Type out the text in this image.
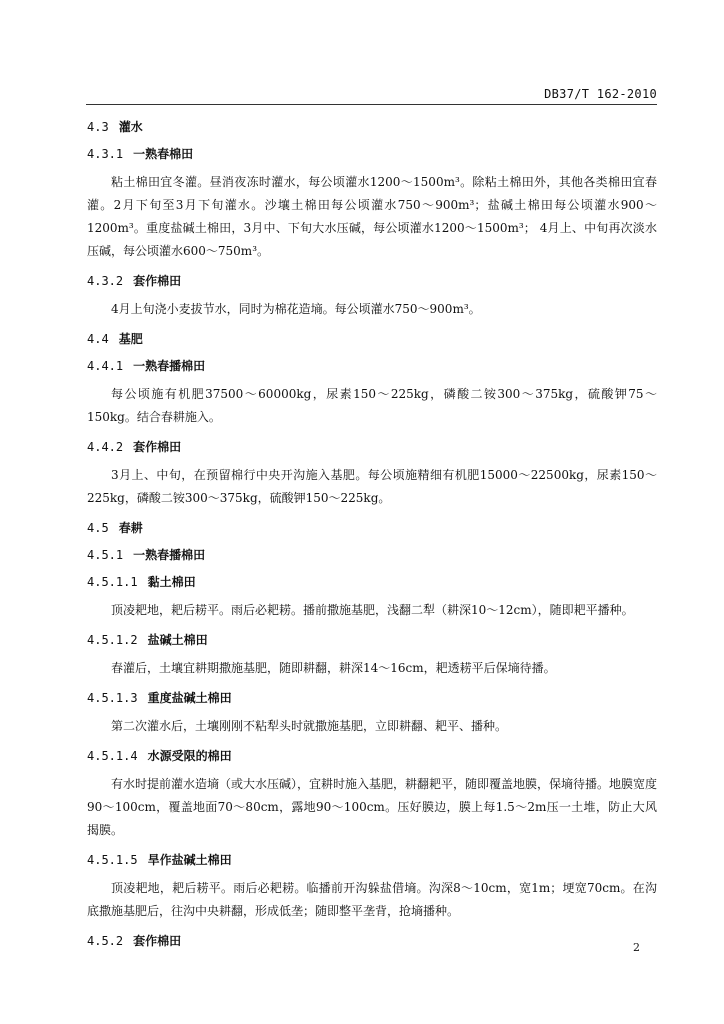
DB37/T 162-2010
4.3 灌水
4.3.1 一熟春棉田

粘土棉田宜冬灌。昼消夜冻时灌水，每公顷灌水1200～1500m³。除粘土棉田外，其他各类棉田宜春灌。2月下旬至3月下旬灌水。沙壤土棉田每公顷灌水750～900m³；盐碱土棉田每公顷灌水900～1200m³。重度盐碱土棉田，3月中、下旬大水压碱，每公顷灌水1200～1500m³； 4月上、中旬再次淡水压碱，每公顷灌水600～750m³。

4.3.2 套作棉田

4月上旬浇小麦拔节水，同时为棉花造墒。每公顷灌水750～900m³。

4.4 基肥
4.4.1 一熟春播棉田

每公顷施有机肥37500～60000kg，尿素150～225kg，磷酸二铵300～375kg，硫酸钾75～150kg。结合春耕施入。

4.4.2 套作棉田

3月上、中旬，在预留棉行中央开沟施入基肥。每公顷施精细有机肥15000～22500kg，尿素150～225kg，磷酸二铵300～375kg，硫酸钾150～225kg。

4.5 春耕
4.5.1 一熟春播棉田
4.5.1.1 黏土棉田

顶凌耙地，耙后耢平。雨后必耙耢。播前撒施基肥，浅翻二犁（耕深10～12cm），随即耙平播种。

4.5.1.2 盐碱土棉田

春灌后，土壤宜耕期撒施基肥，随即耕翻，耕深14～16cm，耙透耢平后保墒待播。

4.5.1.3 重度盐碱土棉田

第二次灌水后，土壤刚刚不粘犁头时就撒施基肥，立即耕翻、耙平、播种。

4.5.1.4 水源受限的棉田

有水时提前灌水造墒（或大水压碱），宜耕时施入基肥，耕翻耙平，随即覆盖地膜，保墒待播。地膜宽度90～100cm，覆盖地面70～80cm，露地90～100cm。压好膜边，膜上每1.5～2m压一土堆，防止大风揭膜。

4.5.1.5 旱作盐碱土棉田

顶凌耙地，耙后耢平。雨后必耙耢。临播前开沟躲盐借墒。沟深8～10cm，宽1m；埂宽70cm。在沟底撒施基肥后，往沟中央耕翻，形成低垄；随即整平垄背，抢墒播种。

4.5.2 套作棉田	2
